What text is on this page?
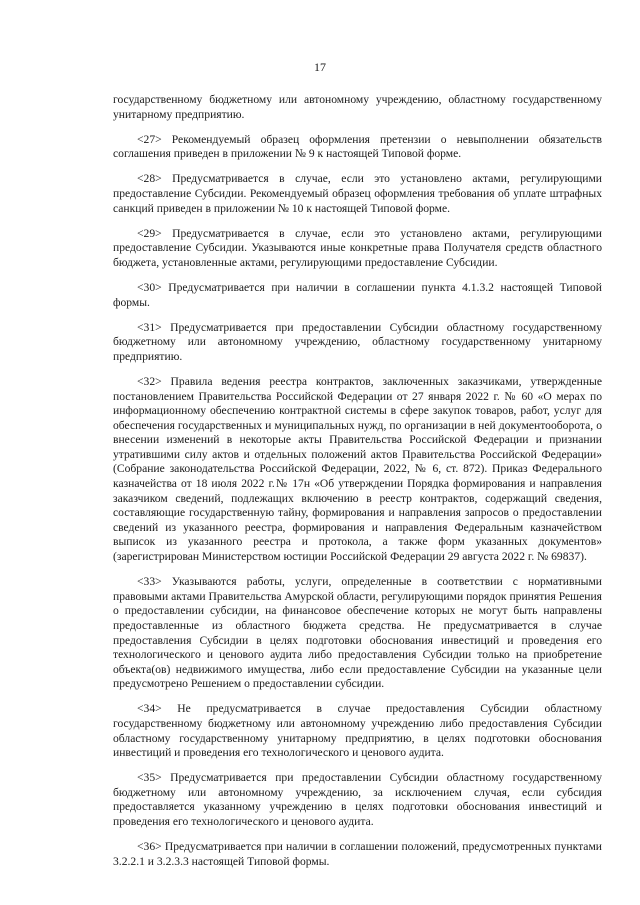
17

государственному бюджетному или автономному учреждению, областному государственному унитарному предприятию.

<27> Рекомендуемый образец оформления претензии о невыполнении обязательств соглашения приведен в приложении № 9 к настоящей Типовой форме.

<28> Предусматривается в случае, если это установлено актами, регулирующими предоставление Субсидии. Рекомендуемый образец оформления требования об уплате штрафных санкций приведен в приложении № 10 к настоящей Типовой форме.

<29> Предусматривается в случае, если это установлено актами, регулирующими предоставление Субсидии. Указываются иные конкретные права Получателя средств областного бюджета, установленные актами, регулирующими предоставление Субсидии.

<30> Предусматривается при наличии в соглашении пункта 4.1.3.2 настоящей Типовой формы.

<31> Предусматривается при предоставлении Субсидии областному государственному бюджетному или автономному учреждению, областному государственному унитарному предприятию.

<32> Правила ведения реестра контрактов, заключенных заказчиками, утвержденные постановлением Правительства Российской Федерации от 27 января 2022 г. № 60 «О мерах по информационному обеспечению контрактной системы в сфере закупок товаров, работ, услуг для обеспечения государственных и муниципальных нужд, по организации в ней документооборота, о внесении изменений в некоторые акты Правительства Российской Федерации и признании утратившими силу актов и отдельных положений актов Правительства Российской Федерации» (Собрание законодательства Российской Федерации, 2022, № 6, ст. 872). Приказ Федерального казначейства от 18 июля 2022 г.№ 17н «Об утверждении Порядка формирования и направления заказчиком сведений, подлежащих включению в реестр контрактов, содержащий сведения, составляющие государственную тайну, формирования и направления запросов о предоставлении сведений из указанного реестра, формирования и направления Федеральным казначейством выписок из указанного реестра и протокола, а также форм указанных документов» (зарегистрирован Министерством юстиции Российской Федерации 29 августа 2022 г. № 69837).

<33> Указываются работы, услуги, определенные в соответствии с нормативными правовыми актами Правительства Амурской области, регулирующими порядок принятия Решения о предоставлении субсидии, на финансовое обеспечение которых не могут быть направлены предоставленные из областного бюджета средства. Не предусматривается в случае предоставления Субсидии в целях подготовки обоснования инвестиций и проведения его технологического и ценового аудита либо предоставления Субсидии только на приобретение объекта(ов) недвижимого имущества, либо если предоставление Субсидии на указанные цели предусмотрено Решением о предоставлении субсидии.

<34> Не предусматривается в случае предоставления Субсидии областному государственному бюджетному или автономному учреждению либо предоставления Субсидии областному государственному унитарному предприятию, в целях подготовки обоснования инвестиций и проведения его технологического и ценового аудита.

<35> Предусматривается при предоставлении Субсидии областному государственному бюджетному или автономному учреждению, за исключением случая, если субсидия предоставляется указанному учреждению в целях подготовки обоснования инвестиций и проведения его технологического и ценового аудита.

<36> Предусматривается при наличии в соглашении положений, предусмотренных пунктами 3.2.2.1 и 3.2.3.3 настоящей Типовой формы.
